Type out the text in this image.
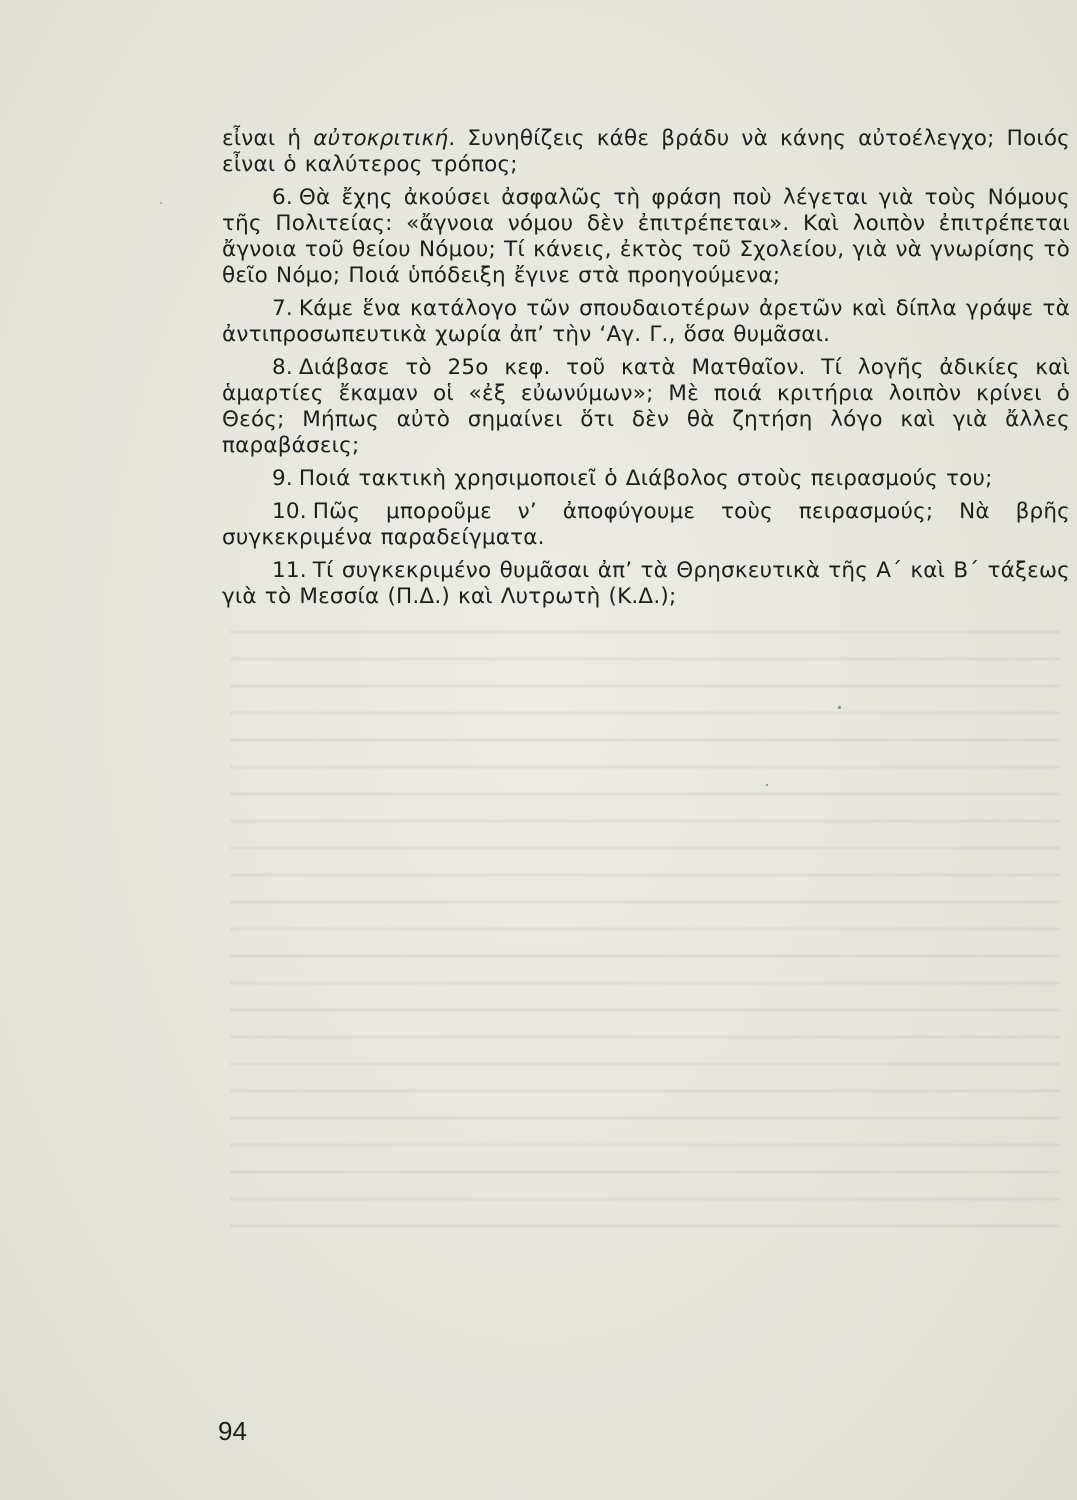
εἶναι ἡ αὐτοκριτική. Συνηθίζεις κάθε βράδυ νὰ κάνης αὐτοέλεγχο; Ποιός εἶναι ὁ καλύτερος τρόπος;

6. Θὰ ἔχης ἀκούσει ἀσφαλῶς τὴ φράση ποὺ λέγεται γιὰ τοὺς Νόμους τῆς Πολιτείας: «ἄγνοια νόμου δὲν ἐπιτρέπεται». Καὶ λοιπὸν ἐπιτρέπεται ἄγνοια τοῦ θείου Νόμου; Τί κάνεις, ἐκτὸς τοῦ Σχολείου, γιὰ νὰ γνωρίσης τὸ θεῖο Νόμο; Ποιά ὑπόδειξη ἔγινε στὰ προηγούμενα;

7. Κάμε ἕνα κατάλογο τῶν σπουδαιοτέρων ἀρετῶν καὶ δίπλα γράψε τὰ ἀντιπροσωπευτικὰ χωρία ἀπ’ τὴν ‘Αγ. Γ., ὅσα θυμᾶσαι.

8. Διάβασε τὸ 25ο κεφ. τοῦ κατὰ Ματθαῖον. Τί λογῆς ἀδικίες καὶ ἁμαρτίες ἔκαμαν οἱ «ἐξ εὐωνύμων»; Μὲ ποιά κριτήρια λοιπὸν κρίνει ὁ Θεός; Μήπως αὐτὸ σημαίνει ὅτι δὲν θὰ ζητήση λόγο καὶ γιὰ ἄλλες παραβάσεις;

9. Ποιά τακτικὴ χρησιμοποιεῖ ὁ Διάβολος στοὺς πειρασμούς του;

10. Πῶς μποροῦμε ν’ ἀποφύγουμε τοὺς πειρασμούς; Νὰ βρῆς συγκεκριμένα παραδείγματα.

11. Τί συγκεκριμένο θυμᾶσαι ἀπ’ τὰ Θρησκευτικὰ τῆς Α΄ καὶ Β΄ τάξεως γιὰ τὸ Μεσσία (Π.Δ.) καὶ Λυτρωτὴ (Κ.Δ.);

94
